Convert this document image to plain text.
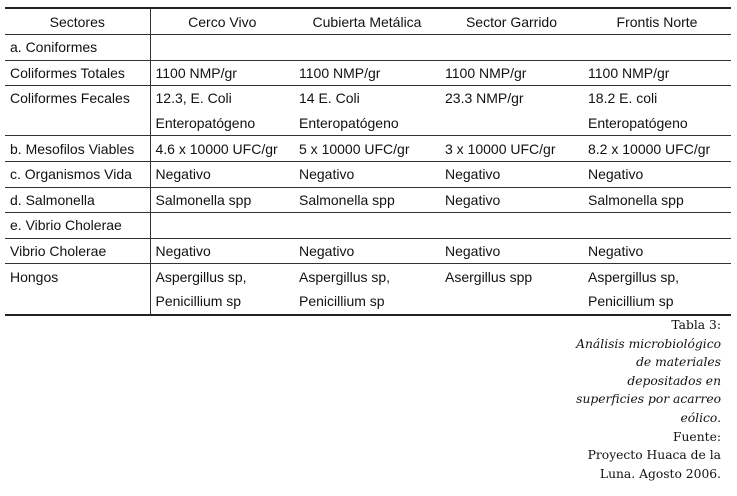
Sectores	Cerco Vivo	Cubierta Metálica	Sector Garrido	Frontis Norte
a. Coniformes				
Coliformes Totales	1100 NMP/gr	1100 NMP/gr	1100 NMP/gr	1100 NMP/gr
Coliformes Fecales	12.3, E. Coli	14 E. Coli	23.3 NMP/gr	18.2 E. coli
	Enteropatógeno	Enteropatógeno		Enteropatógeno
b. Mesofilos Viables	4.6 x 10000 UFC/gr	5 x 10000 UFC/gr	3 x 10000 UFC/gr	8.2 x 10000 UFC/gr
c. Organismos Vida	Negativo	Negativo	Negativo	Negativo
d. Salmonella	Salmonella spp	Salmonella spp	Negativo	Salmonella spp
e. Vibrio Cholerae				
Vibrio Cholerae	Negativo	Negativo	Negativo	Negativo
Hongos	Aspergillus sp,	Aspergillus sp,	Asergillus spp	Aspergillus sp,
	Penicillium sp	Penicillium sp		Penicillium sp
Tabla 3:
Análisis microbiológico
de materiales
depositados en
superficies por acarreo
eólico.
Fuente:
Proyecto Huaca de la
Luna. Agosto 2006.
